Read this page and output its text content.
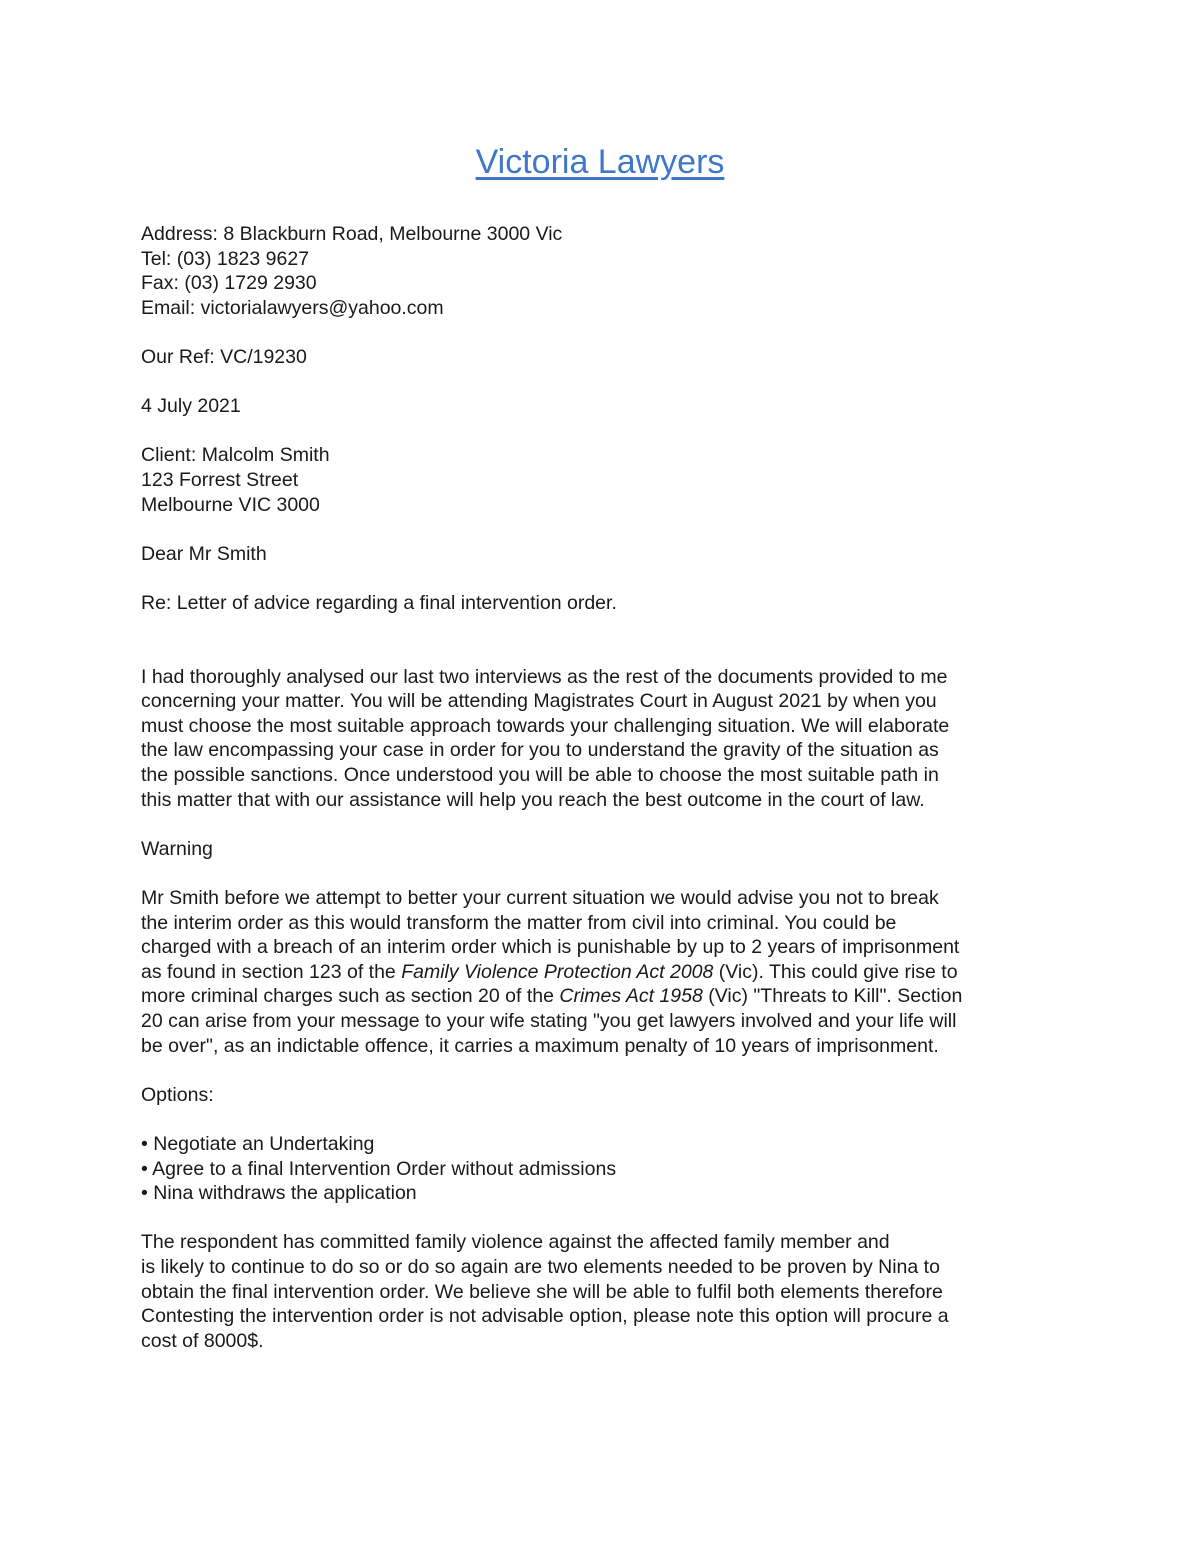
Victoria Lawyers
Address: 8 Blackburn Road, Melbourne 3000 Vic
Tel: (03) 1823 9627
Fax: (03) 1729 2930
Email: victorialawyers@yahoo.com
Our Ref: VC/19230
4 July 2021
Client: Malcolm Smith
123 Forrest Street
Melbourne VIC 3000
Dear Mr Smith
Re: Letter of advice regarding a final intervention order.
I had thoroughly analysed our last two interviews as the rest of the documents provided to me
concerning your matter. You will be attending Magistrates Court in August 2021 by when you
must choose the most suitable approach towards your challenging situation. We will elaborate
the law encompassing your case in order for you to understand the gravity of the situation as
the possible sanctions. Once understood you will be able to choose the most suitable path in
this matter that with our assistance will help you reach the best outcome in the court of law.
Warning
Mr Smith before we attempt to better your current situation we would advise you not to break
the interim order as this would transform the matter from civil into criminal. You could be
charged with a breach of an interim order which is punishable by up to 2 years of imprisonment
as found in section 123 of the Family Violence Protection Act 2008 (Vic). This could give rise to
more criminal charges such as section 20 of the Crimes Act 1958 (Vic) "Threats to Kill". Section
20 can arise from your message to your wife stating "you get lawyers involved and your life will
be over", as an indictable offence, it carries a maximum penalty of 10 years of imprisonment.
Options:
• Negotiate an Undertaking
• Agree to a final Intervention Order without admissions
• Nina withdraws the application
The respondent has committed family violence against the affected family member and
is likely to continue to do so or do so again are two elements needed to be proven by Nina to
obtain the final intervention order. We believe she will be able to fulfil both elements therefore
Contesting the intervention order is not advisable option, please note this option will procure a
cost of 8000$.
